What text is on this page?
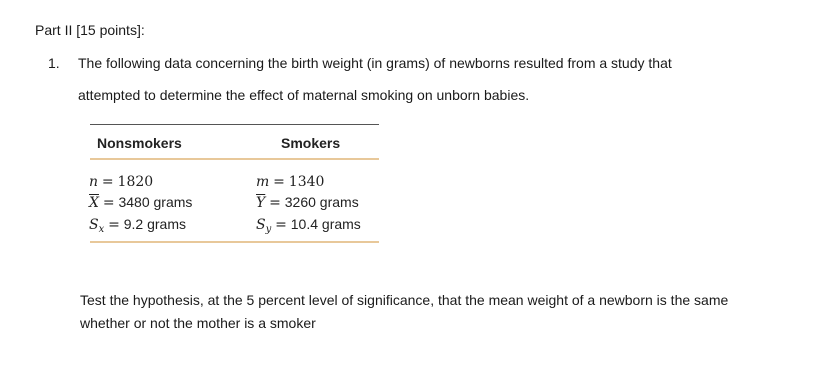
Part II [15 points]:
1. The following data concerning the birth weight (in grams) of newborns resulted from a study that
attempted to determine the effect of maternal smoking on unborn babies.
Nonsmokers	Smokers
n = 1820
$\overline{X} = 3480$ grams
$S_x = 9.2$ grams
m = 1340
$\overline{Y} = 3260$ grams
$S_y = 10.4$ grams
Test the hypothesis, at the 5 percent level of significance, that the mean weight of a newborn is the same
whether or not the mother is a smoker
